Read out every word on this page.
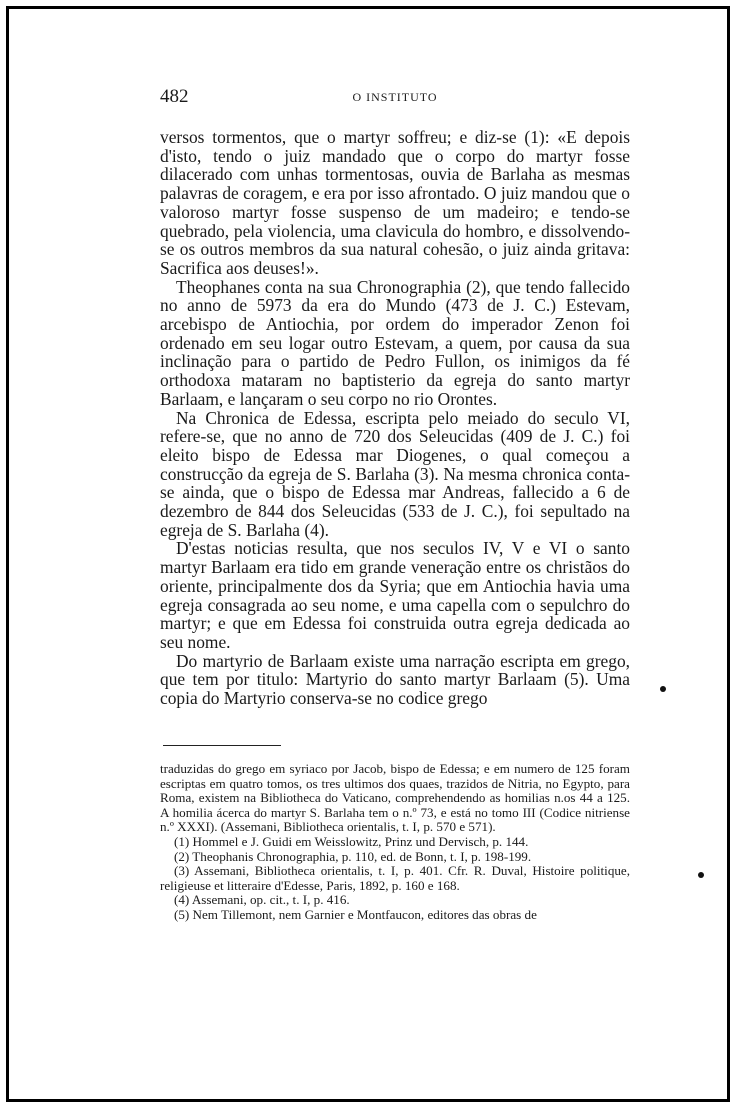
482	O INSTITUTO

versos tormentos, que o martyr soffreu; e diz-se (1): «E depois d'isto, tendo o juiz mandado que o corpo do martyr fosse dilacerado com unhas tormentosas, ouvia de Barlaha as mesmas palavras de coragem, e era por isso afrontado. O juiz mandou que o valoroso martyr fosse suspenso de um madeiro; e tendo-se quebrado, pela violencia, uma clavicula do hombro, e dissolvendo-se os outros membros da sua natural cohesão, o juiz ainda gritava: Sacrifica aos deuses!».

Theophanes conta na sua Chronographia (2), que tendo fallecido no anno de 5973 da era do Mundo (473 de J. C.) Estevam, arcebispo de Antiochia, por ordem do imperador Zenon foi ordenado em seu logar outro Estevam, a quem, por causa da sua inclinação para o partido de Pedro Fullon, os inimigos da fé orthodoxa mataram no baptisterio da egreja do santo martyr Barlaam, e lançaram o seu corpo no rio Orontes.

Na Chronica de Edessa, escripta pelo meiado do seculo VI, refere-se, que no anno de 720 dos Seleucidas (409 de J. C.) foi eleito bispo de Edessa mar Diogenes, o qual começou a construcção da egreja de S. Barlaha (3). Na mesma chronica conta-se ainda, que o bispo de Edessa mar Andreas, fallecido a 6 de dezembro de 844 dos Seleucidas (533 de J. C.), foi sepultado na egreja de S. Barlaha (4).

D'estas noticias resulta, que nos seculos IV, V e VI o santo martyr Barlaam era tido em grande veneração entre os christãos do oriente, principalmente dos da Syria; que em Antiochia havia uma egreja consagrada ao seu nome, e uma capella com o sepulchro do martyr; e que em Edessa foi construida outra egreja dedicada ao seu nome.

Do martyrio de Barlaam existe uma narração escripta em grego, que tem por titulo: Martyrio do santo martyr Barlaam (5). Uma copia do Martyrio conserva-se no codice grego

traduzidas do grego em syriaco por Jacob, bispo de Edessa; e em numero de 125 foram escriptas em quatro tomos, os tres ultimos dos quaes, trazidos de Nitria, no Egypto, para Roma, existem na Bibliotheca do Vaticano, comprehendendo as homilias n.os 44 a 125. A homilia ácerca do martyr S. Barlaha tem o n.º 73, e está no tomo III (Codice nitriense n.º XXXI). (Assemani, Bibliotheca orientalis, t. I, p. 570 e 571).

(1) Hommel e J. Guidi em Weisslowitz, Prinz und Dervisch, p. 144.

(2) Theophanis Chronographia, p. 110, ed. de Bonn, t. I, p. 198-199.

(3) Assemani, Bibliotheca orientalis, t. I, p. 401. Cfr. R. Duval, Histoire politique, religieuse et litteraire d'Edesse, Paris, 1892, p. 160 e 168.

(4) Assemani, op. cit., t. I, p. 416.

(5) Nem Tillemont, nem Garnier e Montfaucon, editores das obras de
